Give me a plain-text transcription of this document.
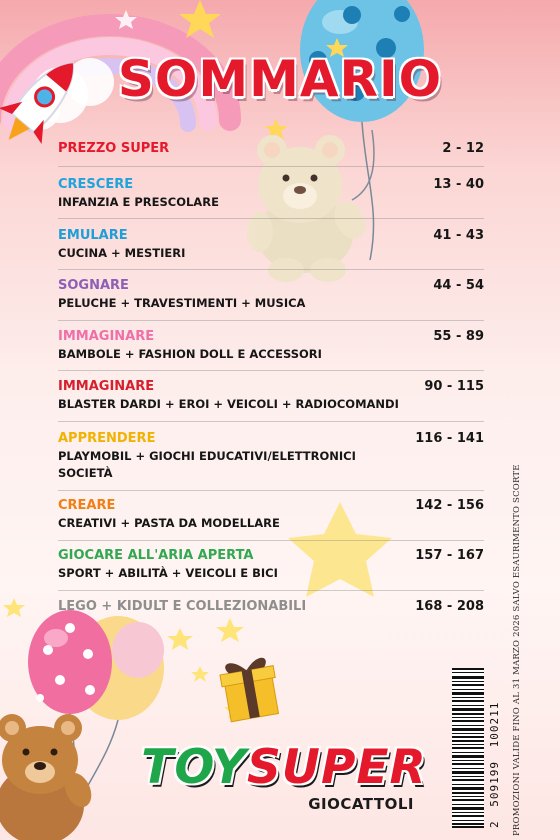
SOMMARIO
PREZZO SUPER	2 - 12
CRESCERE	13 - 40
INFANZIA E PRESCOLARE
EMULARE	41 - 43
CUCINA + MESTIERI
SOGNARE	44 - 54
PELUCHE + TRAVESTIMENTI + MUSICA
IMMAGINARE	55 - 89
BAMBOLE + FASHION DOLL E ACCESSORI
IMMAGINARE	90 - 115
BLASTER DARDI + EROI + VEICOLI + RADIOCOMANDI
APPRENDERE	116 - 141
PLAYMOBIL + GIOCHI EDUCATIVI/ELETTRONICI
SOCIETÀ
CREARE	142 - 156
CREATIVI + PASTA DA MODELLARE
GIOCARE ALL'ARIA APERTA	157 - 167
SPORT + ABILITÀ + VEICOLI E BICI
LEGO + KIDULT E COLLEZIONABILI	168 - 208
2 509199 100211 PROMOZIONI VALIDE FINO AL 31 MARZO 2026 SALVO ESAURIMENTO SCORTE
TOYSUPER
GIOCATTOLI
